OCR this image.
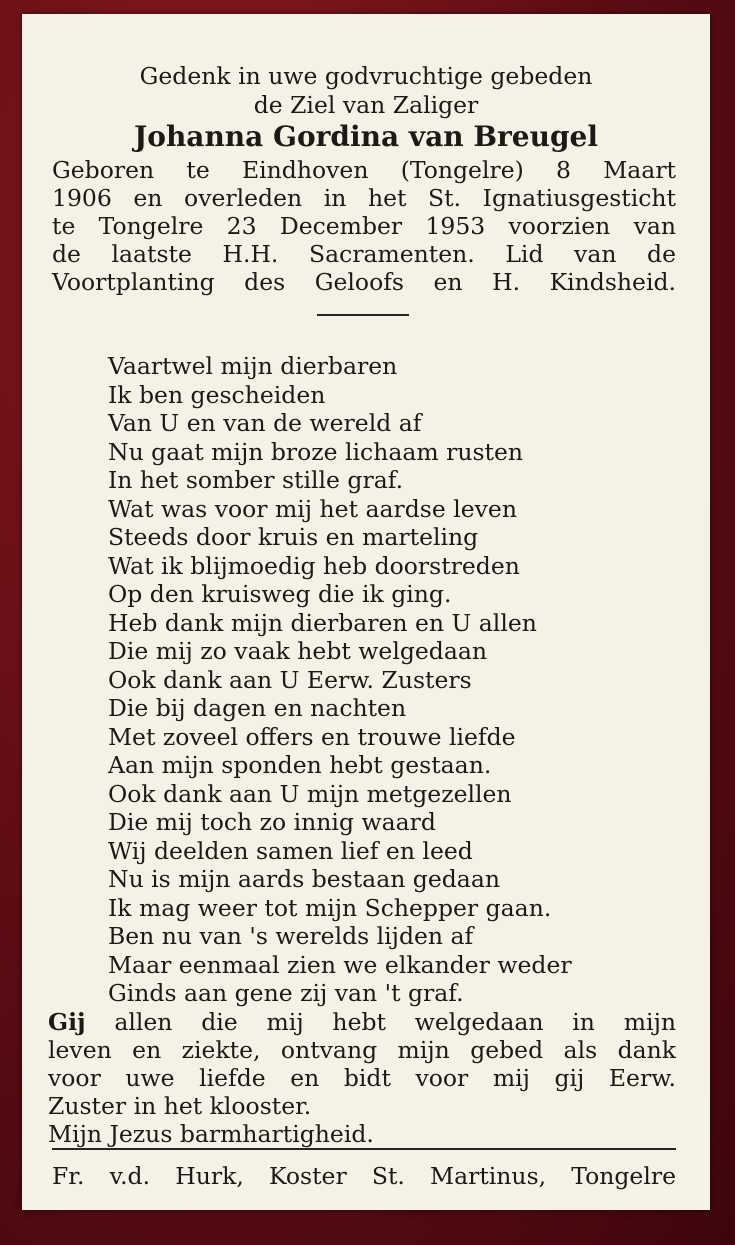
Gedenk in uwe godvruchtige gebeden
de Ziel van Zaliger
Johanna Gordina van Breugel
Geboren te Eindhoven (Tongelre) 8 Maart
1906 en overleden in het St. Ignatiusgesticht
te Tongelre 23 December 1953 voorzien van
de laatste H.H. Sacramenten. Lid van de
Voortplanting des Geloofs en H. Kindsheid.
Vaartwel mijn dierbaren
Ik ben gescheiden
Van U en van de wereld af
Nu gaat mijn broze lichaam rusten
In het somber stille graf.
Wat was voor mij het aardse leven
Steeds door kruis en marteling
Wat ik blijmoedig heb doorstreden
Op den kruisweg die ik ging.
Heb dank mijn dierbaren en U allen
Die mij zo vaak hebt welgedaan
Ook dank aan U Eerw. Zusters
Die bij dagen en nachten
Met zoveel offers en trouwe liefde
Aan mijn sponden hebt gestaan.
Ook dank aan U mijn metgezellen
Die mij toch zo innig waard
Wij deelden samen lief en leed
Nu is mijn aards bestaan gedaan
Ik mag weer tot mijn Schepper gaan.
Ben nu van 's werelds lijden af
Maar eenmaal zien we elkander weder
Ginds aan gene zij van 't graf.
Gij allen die mij hebt welgedaan in mijn
leven en ziekte, ontvang mijn gebed als dank
voor uwe liefde en bidt voor mij gij Eerw.
Zuster in het klooster.
Mijn Jezus barmhartigheid.
Fr. v.d. Hurk, Koster St. Martinus, Tongelre
